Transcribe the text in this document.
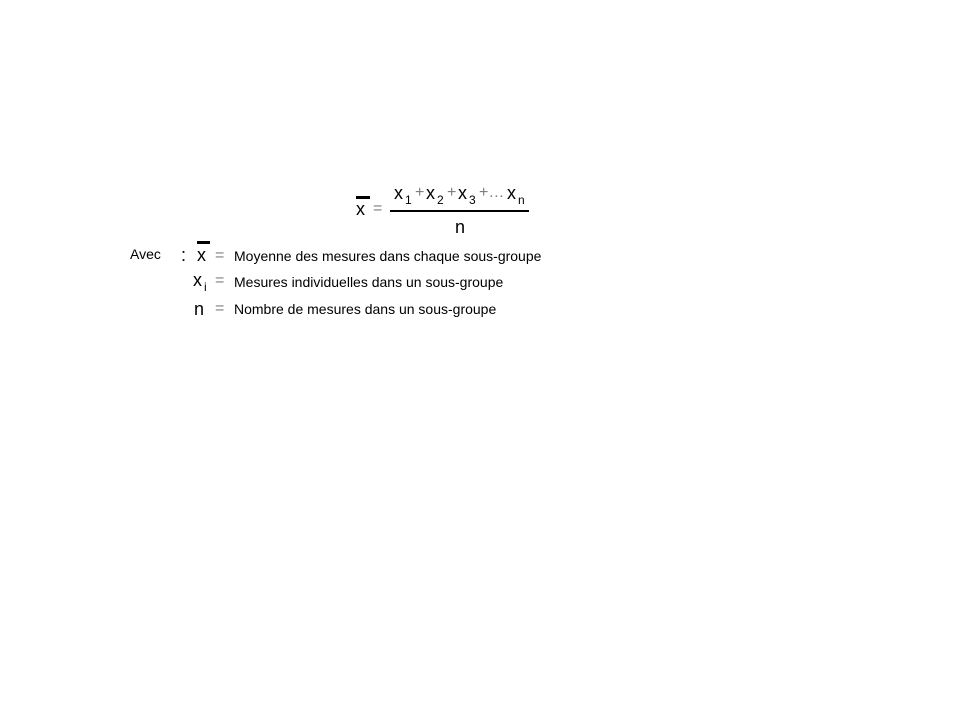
x =
x 1 + x 2 + x 3 +… x n
n
Avec : x = Moyenne des mesures dans chaque sous-groupe
x i = Mesures individuelles dans un sous-groupe
n = Nombre de mesures dans un sous-groupe
